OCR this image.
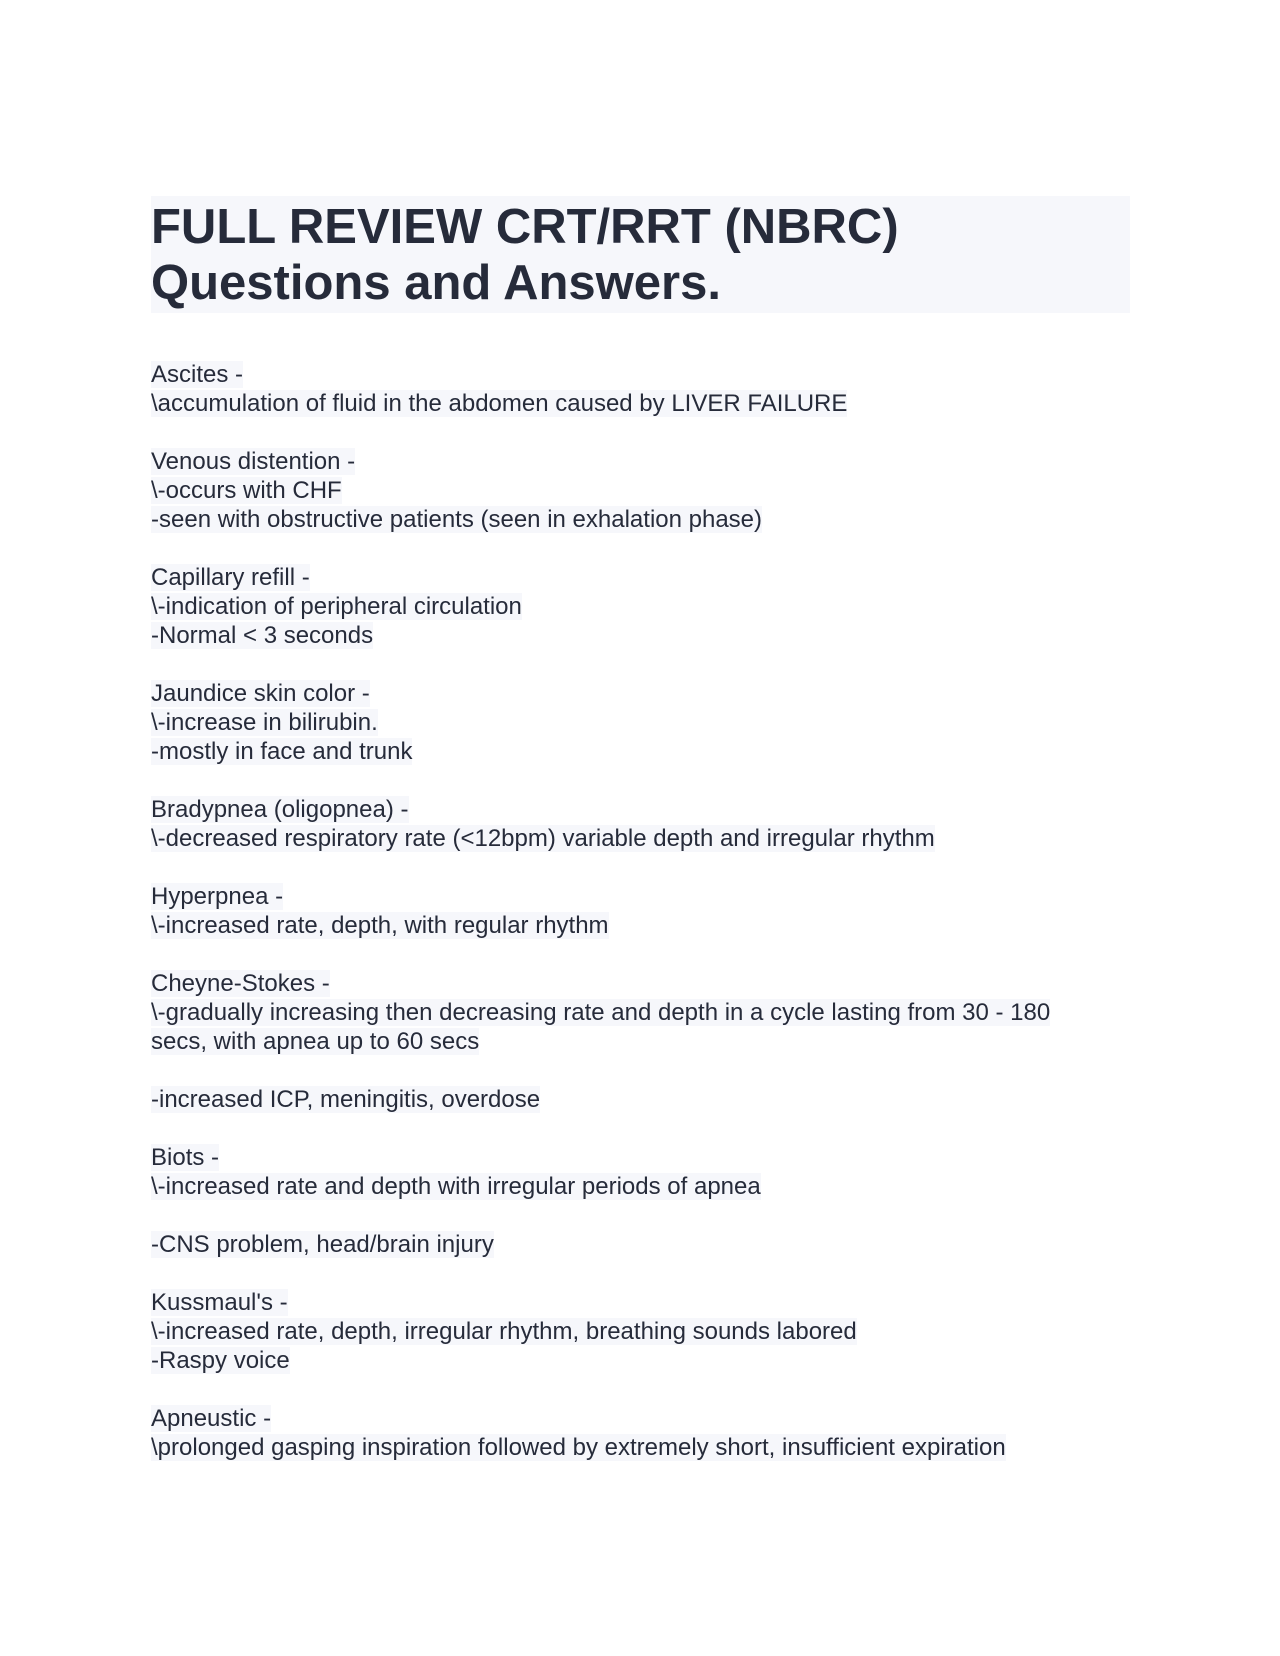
FULL REVIEW CRT/RRT (NBRC)
Questions and Answers.
Ascites -
\accumulation of fluid in the abdomen caused by LIVER FAILURE
Venous distention -
\-occurs with CHF
-seen with obstructive patients (seen in exhalation phase)
Capillary refill -
\-indication of peripheral circulation
-Normal < 3 seconds
Jaundice skin color -
\-increase in bilirubin.
-mostly in face and trunk
Bradypnea (oligopnea) -
\-decreased respiratory rate (<12bpm) variable depth and irregular rhythm
Hyperpnea -
\-increased rate, depth, with regular rhythm
Cheyne-Stokes -
\-gradually increasing then decreasing rate and depth in a cycle lasting from 30 - 180
secs, with apnea up to 60 secs
-increased ICP, meningitis, overdose
Biots -
\-increased rate and depth with irregular periods of apnea
-CNS problem, head/brain injury
Kussmaul's -
\-increased rate, depth, irregular rhythm, breathing sounds labored
-Raspy voice
Apneustic -
\prolonged gasping inspiration followed by extremely short, insufficient expiration
